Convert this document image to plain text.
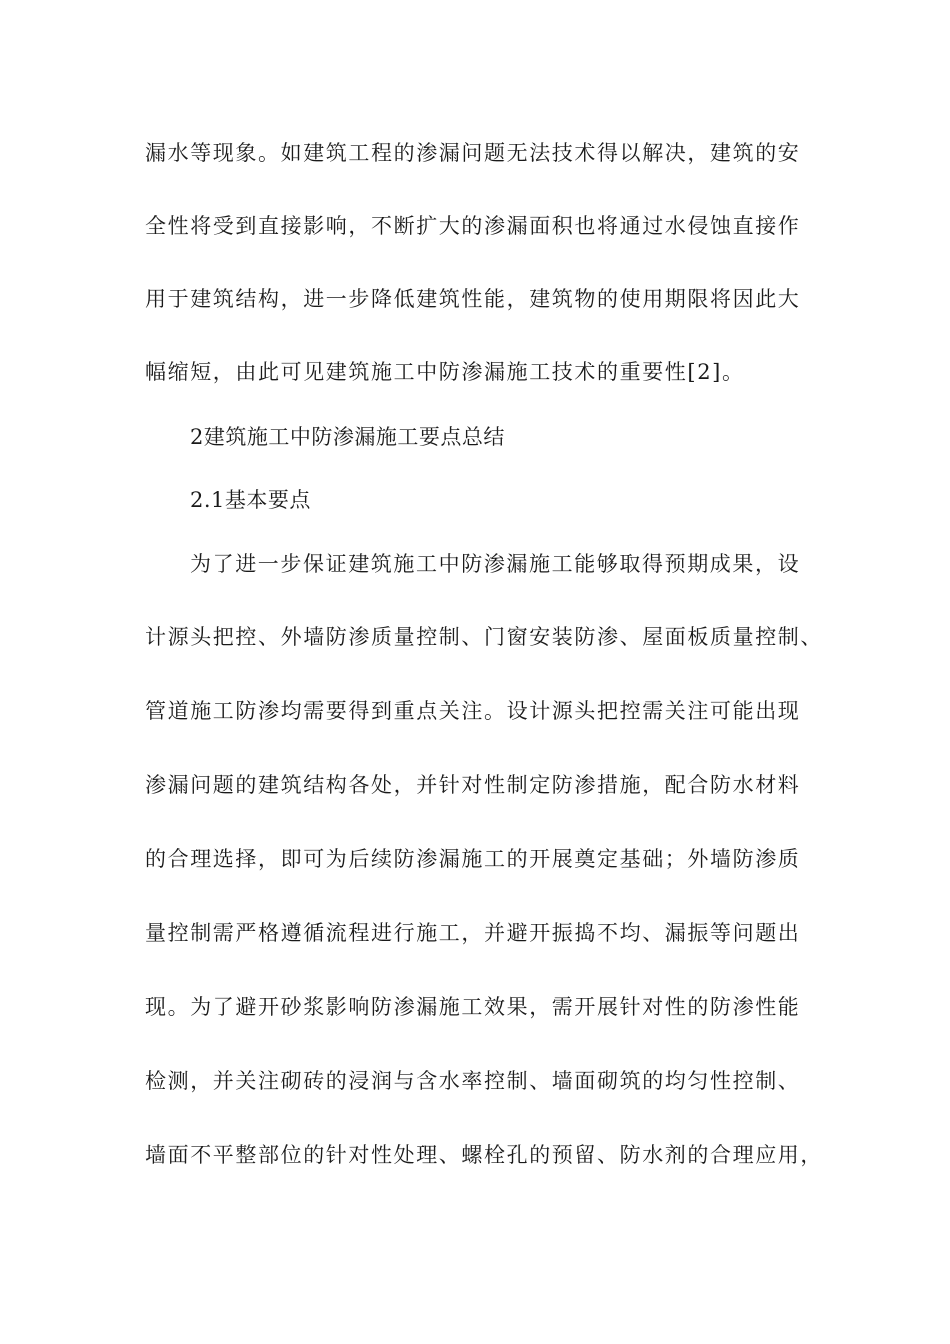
漏水等现象。如建筑工程的渗漏问题无法技术得以解决，建筑的安
全性将受到直接影响，不断扩大的渗漏面积也将通过水侵蚀直接作
用于建筑结构，进一步降低建筑性能，建筑物的使用期限将因此大
幅缩短，由此可见建筑施工中防渗漏施工技术的重要性[2]。
2建筑施工中防渗漏施工要点总结
2.1基本要点
为了进一步保证建筑施工中防渗漏施工能够取得预期成果，设
计源头把控、外墙防渗质量控制、门窗安装防渗、屋面板质量控制、
管道施工防渗均需要得到重点关注。设计源头把控需关注可能出现
渗漏问题的建筑结构各处，并针对性制定防渗措施，配合防水材料
的合理选择，即可为后续防渗漏施工的开展奠定基础；外墙防渗质
量控制需严格遵循流程进行施工，并避开振捣不均、漏振等问题出
现。为了避开砂浆影响防渗漏施工效果，需开展针对性的防渗性能
检测，并关注砌砖的浸润与含水率控制、墙面砌筑的均匀性控制、
墙面不平整部位的针对性处理、螺栓孔的预留、防水剂的合理应用，
